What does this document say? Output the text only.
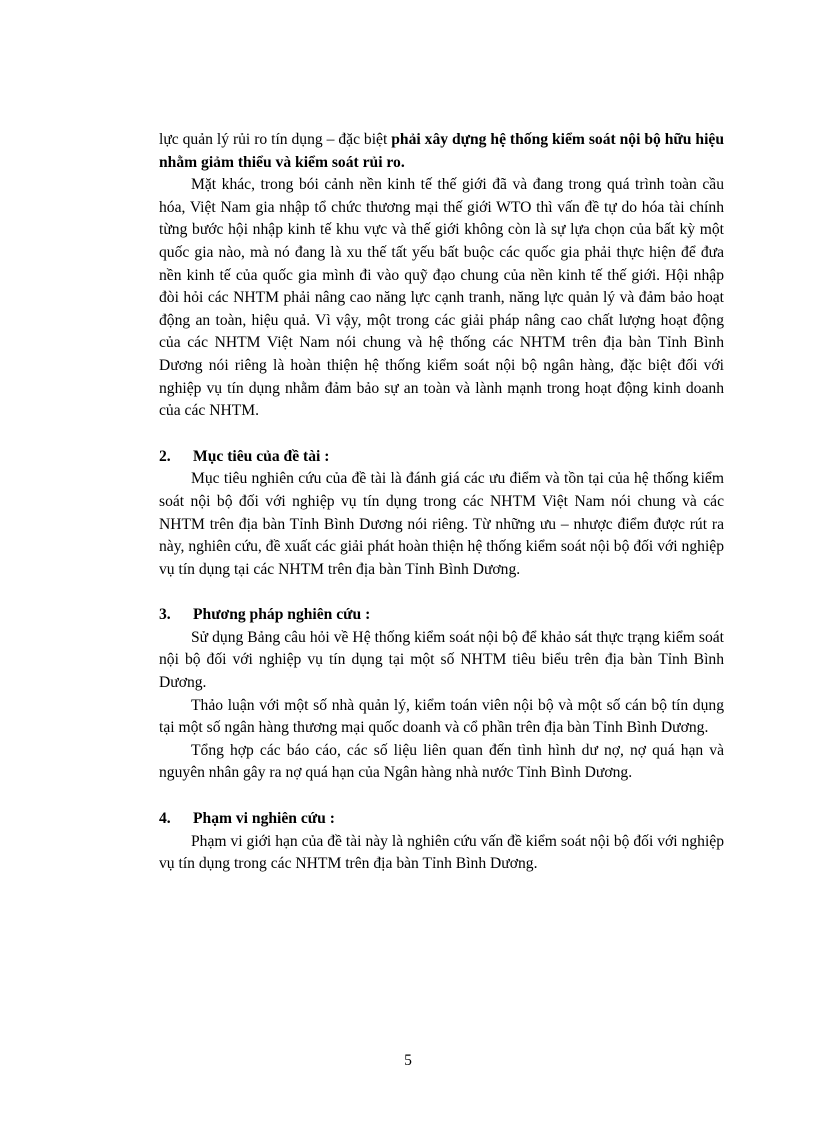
lực quản lý rủi ro tín dụng – đặc biệt phải xây dựng hệ thống kiểm soát nội bộ hữu hiệu nhằm giảm thiểu và kiểm soát rủi ro.

Mặt khác, trong bói cảnh nền kinh tế thế giới đã và đang trong quá trình toàn cầu hóa, Việt Nam gia nhập tổ chức thương mại thế giới WTO thì vấn đề tự do hóa tài chính từng bước hội nhập kinh tế khu vực và thế giới không còn là sự lựa chọn của bất kỳ một quốc gia nào, mà nó đang là xu thế tất yếu bất buộc các quốc gia phải thực hiện để đưa nền kinh tế của quốc gia mình đi vào quỹ đạo chung của nền kinh tế thế giới. Hội nhập đòi hỏi các NHTM phải nâng cao năng lực cạnh tranh, năng lực quản lý và đảm bảo hoạt động an toàn, hiệu quả. Vì vậy, một trong các giải pháp nâng cao chất lượng hoạt động của các NHTM Việt Nam nói chung và hệ thống các NHTM trên địa bàn Tỉnh Bình Dương nói riêng là hoàn thiện hệ thống kiểm soát nội bộ ngân hàng, đặc biệt đối với nghiệp vụ tín dụng nhằm đảm bảo sự an toàn và lành mạnh trong hoạt động kinh doanh của các NHTM.

2.	Mục tiêu của đề tài :

Mục tiêu nghiên cứu của đề tài là đánh giá các ưu điểm và tồn tại của hệ thống kiểm soát nội bộ đối với nghiệp vụ tín dụng trong các NHTM Việt Nam nói chung và các NHTM trên địa bàn Tỉnh Bình Dương nói riêng. Từ những ưu – nhược điểm được rút ra này, nghiên cứu, đề xuất các giải phát hoàn thiện hệ thống kiểm soát nội bộ đối với nghiệp vụ tín dụng tại các NHTM trên địa bàn Tỉnh Bình Dương.

3.	Phương pháp nghiên cứu :

Sử dụng Bảng câu hỏi về Hệ thống kiểm soát nội bộ để khảo sát thực trạng kiểm soát nội bộ đối với nghiệp vụ tín dụng tại một số NHTM tiêu biểu trên địa bàn Tỉnh Bình Dương.

Thảo luận với một số nhà quản lý, kiểm toán viên nội bộ và một số cán bộ tín dụng tại một số ngân hàng thương mại quốc doanh và cổ phần trên địa bàn Tỉnh Bình Dương.

Tổng hợp các báo cáo, các số liệu liên quan đến tình hình dư nợ, nợ quá hạn và nguyên nhân gây ra nợ quá hạn của Ngân hàng nhà nước Tỉnh Bình Dương.

4.	Phạm vi nghiên cứu :

Phạm vi giới hạn của đề tài này là nghiên cứu vấn đề kiểm soát nội bộ đối với nghiệp vụ tín dụng trong các NHTM trên địa bàn Tỉnh Bình Dương.

5
